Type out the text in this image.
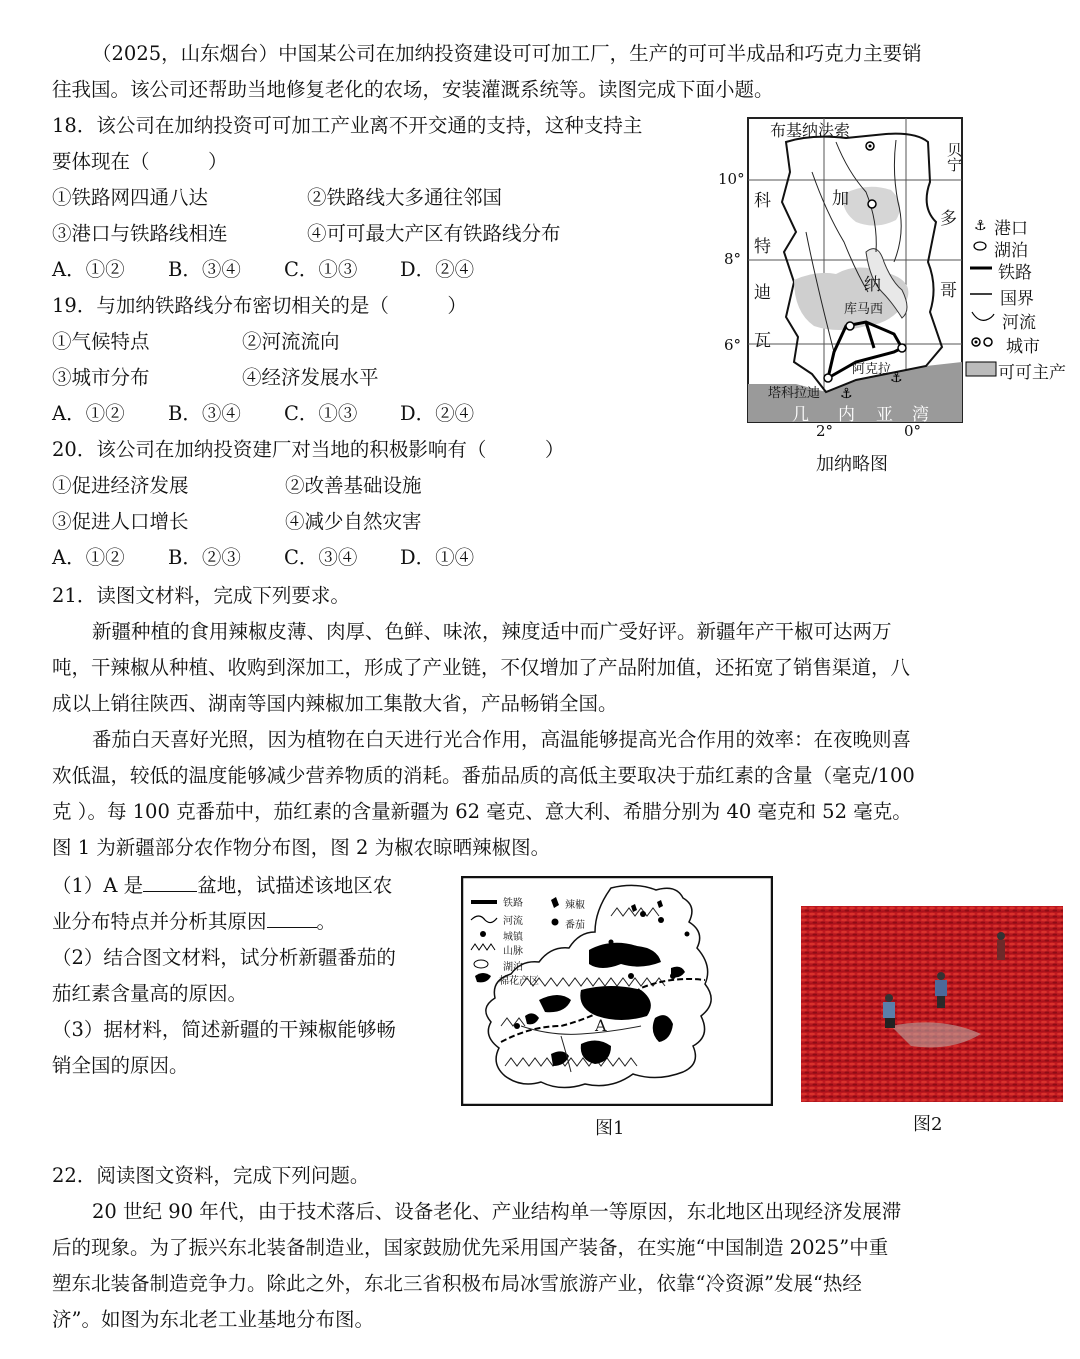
（2025，山东烟台）中国某公司在加纳投资建设可可加工厂，生产的可可半成品和巧克力主要销
往我国。该公司还帮助当地修复老化的农场，安装灌溉系统等。读图完成下面小题。
18．该公司在加纳投资可可加工产业离不开交通的支持，这种支持主
要体现在（　　　）
①铁路网四通八达	②铁路线大多通往邻国
③港口与铁路线相连	④可可最大产区有铁路线分布
A．①② B．③④ C．①③ D．②④
19．与加纳铁路线分布密切相关的是（　　　）
①气候特点	②河流流向
③城市分布	④经济发展水平
A．①② B．③④ C．①③ D．②④
20．该公司在加纳投资建厂对当地的积极影响有（　　　）
①促进经济发展	②改善基础设施
③促进人口增长	④减少自然灾害
A．①② B．②③ C．③④ D．①④
⚓
⚓
⚓
布基纳法索
贝宁
多
哥
科
特
迪
瓦
加
纳
库马西
阿克拉
塔科拉迪
几 内 亚 湾
10°
8°
6°
2°	0°
港口
湖泊
铁路
国界
河流
城市
可可主产
加纳略图
21．读图文材料，完成下列要求。
新疆种植的食用辣椒皮薄、肉厚、色鲜、味浓，辣度适中而广受好评。新疆年产干椒可达两万
吨，干辣椒从种植、收购到深加工，形成了产业链，不仅增加了产品附加值，还拓宽了销售渠道，八
成以上销往陕西、湖南等国内辣椒加工集散大省，产品畅销全国。
番茄白天喜好光照，因为植物在白天进行光合作用，高温能够提高光合作用的效率：在夜晚则喜
欢低温，较低的温度能够减少营养物质的消耗。番茄品质的高低主要取决于茄红素的含量（毫克/100
克 ）。每 100 克番茄中，茄红素的含量新疆为 62 毫克、意大利、希腊分别为 40 毫克和 52 毫克。
图 1 为新疆部分农作物分布图，图 2 为椒农晾晒辣椒图。
（1）A 是	盆地，试描述该地区农
业分布特点并分析其原因	。
（2）结合图文材料，试分析新疆番茄的
茄红素含量高的原因。
（3）据材料，简述新疆的干辣椒能够畅
销全国的原因。
铁路
河流
城镇
山脉
湖泊
棉花产区
辣椒
番茄
A
图1	图2
22．阅读图文资料，完成下列问题。
20 世纪 90 年代，由于技术落后、设备老化、产业结构单一等原因，东北地区出现经济发展滞
后的现象。为了振兴东北装备制造业，国家鼓励优先采用国产装备，在实施“中国制造 2025”中重
塑东北装备制造竞争力。除此之外，东北三省积极布局冰雪旅游产业，依靠“冷资源”发展“热经
济”。如图为东北老工业基地分布图。
